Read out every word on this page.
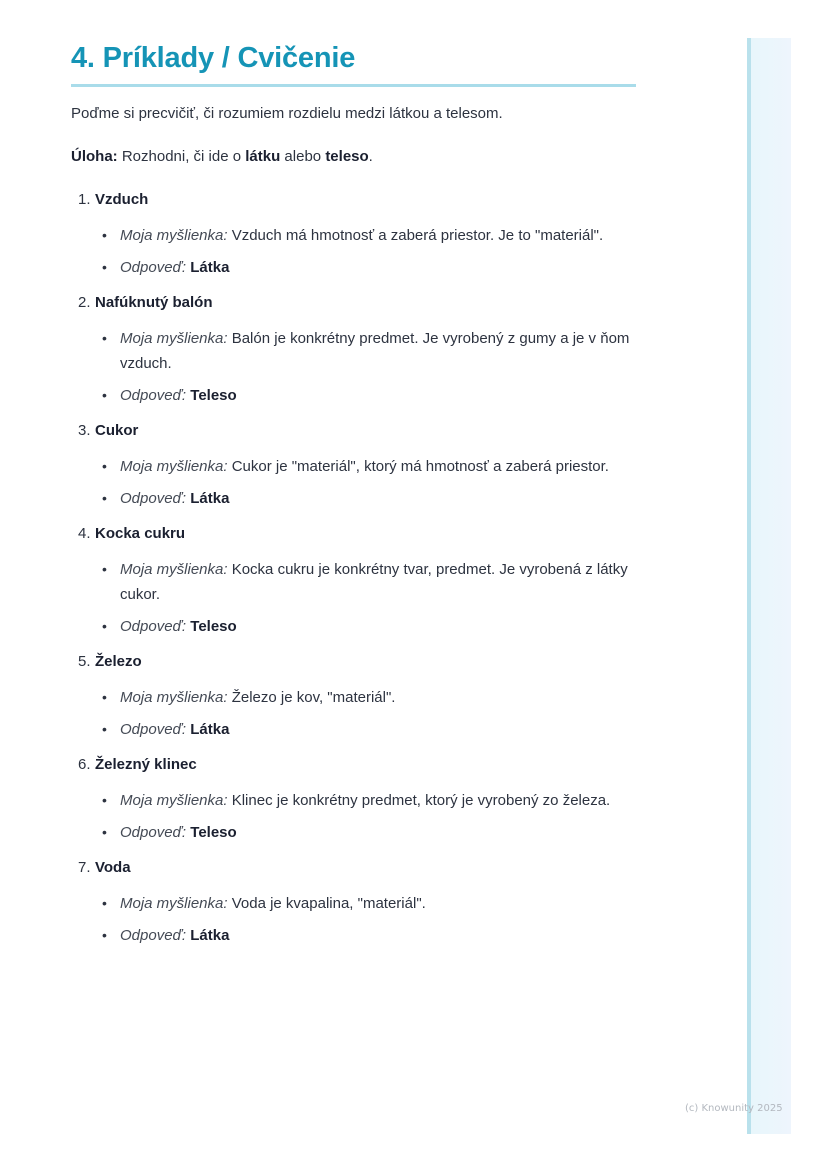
4. Príklady / Cvičenie

Poďme si precvičiť, či rozumiem rozdielu medzi látkou a telesom.

Úloha: Rozhodni, či ide o látku alebo teleso.

1. Vzduch
• Moja myšlienka: Vzduch má hmotnosť a zaberá priestor. Je to "materiál".
• Odpoveď: Látka
2. Nafúknutý balón
• Moja myšlienka: Balón je konkrétny predmet. Je vyrobený z gumy a je v ňom vzduch.
• Odpoveď: Teleso
3. Cukor
• Moja myšlienka: Cukor je "materiál", ktorý má hmotnosť a zaberá priestor.
• Odpoveď: Látka
4. Kocka cukru
• Moja myšlienka: Kocka cukru je konkrétny tvar, predmet. Je vyrobená z látky cukor.
• Odpoveď: Teleso
5. Železo
• Moja myšlienka: Železo je kov, "materiál".
• Odpoveď: Látka
6. Železný klinec
• Moja myšlienka: Klinec je konkrétny predmet, ktorý je vyrobený zo železa.
• Odpoveď: Teleso
7. Voda
• Moja myšlienka: Voda je kvapalina, "materiál".
• Odpoveď: Látka
(c) Knowunity 2025
